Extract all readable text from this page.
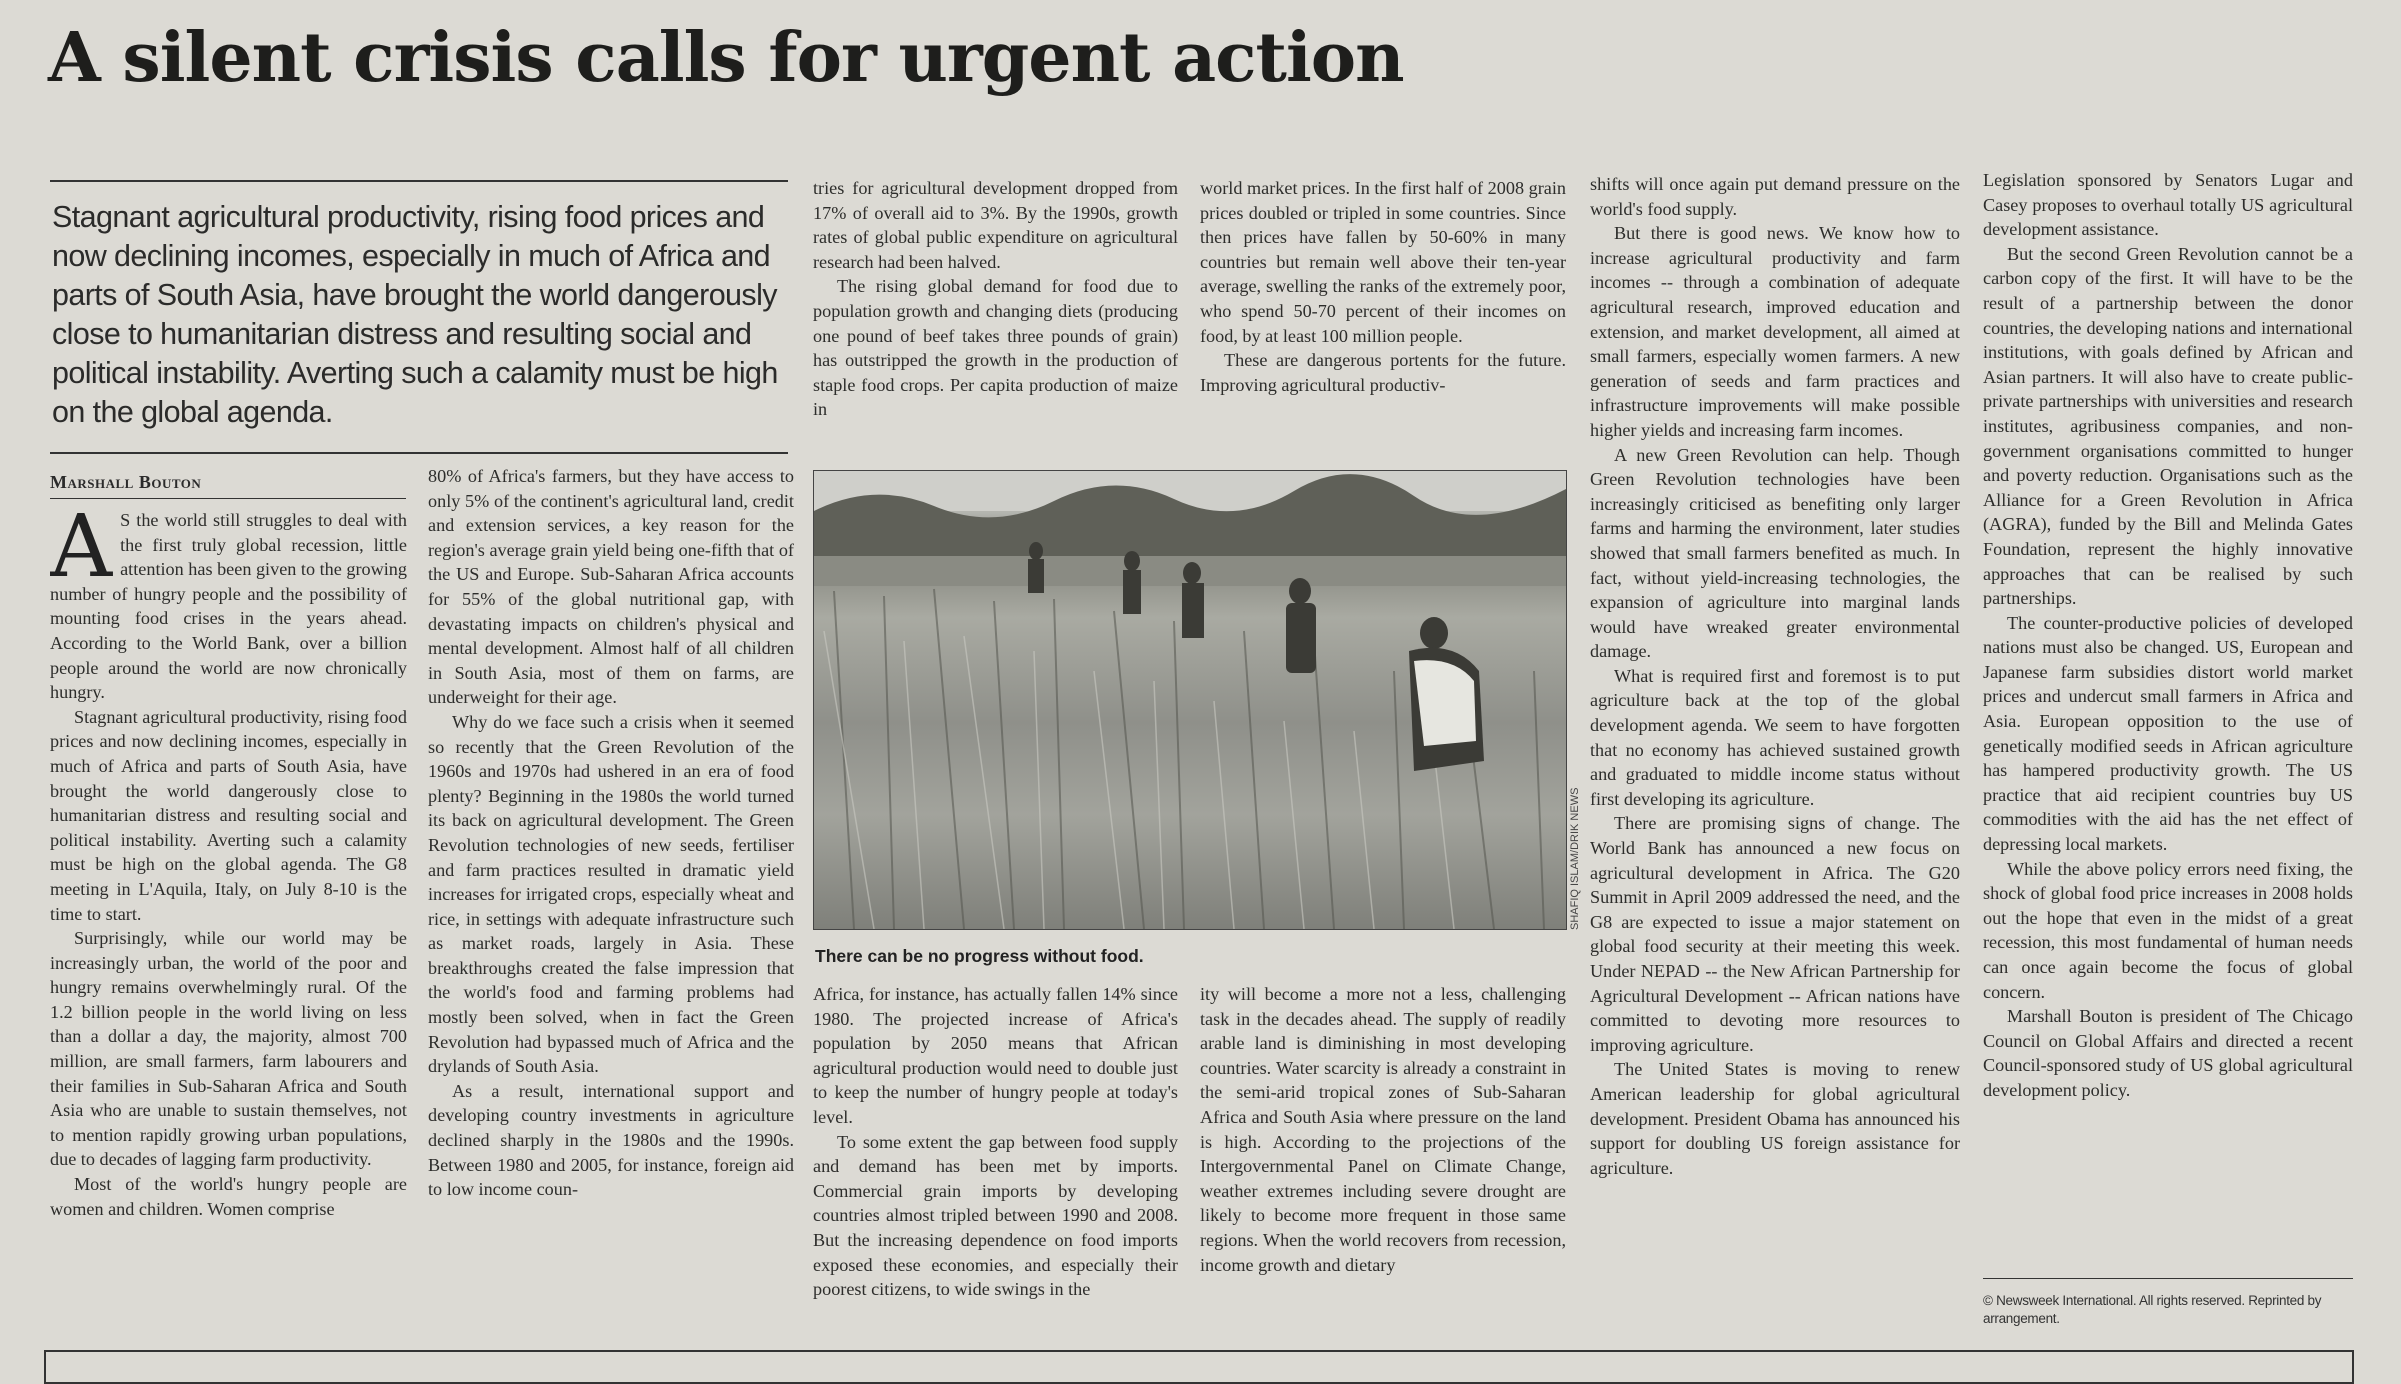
A silent crisis calls for urgent action
Stagnant agricultural productivity, rising food prices and now declining incomes, especially in much of Africa and parts of South Asia, have brought the world dangerously close to humanitarian distress and resulting social and political instability. Averting such a calamity must be high on the global agenda.
Marshall Bouton

A S the world still struggles to deal with the first truly global recession, little attention has been given to the growing number of hungry people and the possibility of mounting food crises in the years ahead. According to the World Bank, over a billion people around the world are now chronically hungry.

Stagnant agricultural productivity, rising food prices and now declining incomes, especially in much of Africa and parts of South Asia, have brought the world dangerously close to humanitarian distress and resulting social and political instability. Averting such a calamity must be high on the global agenda. The G8 meeting in L'Aquila, Italy, on July 8-10 is the time to start.

Surprisingly, while our world may be increasingly urban, the world of the poor and hungry remains overwhelmingly rural. Of the 1.2 billion people in the world living on less than a dollar a day, the majority, almost 700 million, are small farmers, farm labourers and their families in Sub-Saharan Africa and South Asia who are unable to sustain themselves, not to mention rapidly growing urban populations, due to decades of lagging farm productivity.

Most of the world's hungry people are women and children. Women comprise

80% of Africa's farmers, but they have access to only 5% of the continent's agricultural land, credit and extension services, a key reason for the region's average grain yield being one-fifth that of the US and Europe. Sub-Saharan Africa accounts for 55% of the global nutritional gap, with devastating impacts on children's physical and mental development. Almost half of all children in South Asia, most of them on farms, are underweight for their age.

Why do we face such a crisis when it seemed so recently that the Green Revolution of the 1960s and 1970s had ushered in an era of food plenty? Beginning in the 1980s the world turned its back on agricultural development. The Green Revolution technologies of new seeds, fertiliser and farm practices resulted in dramatic yield increases for irrigated crops, especially wheat and rice, in settings with adequate infrastructure such as market roads, largely in Asia. These breakthroughs created the false impression that the world's food and farming problems had mostly been solved, when in fact the Green Revolution had bypassed much of Africa and the drylands of South Asia.

As a result, international support and developing country investments in agriculture declined sharply in the 1980s and the 1990s. Between 1980 and 2005, for instance, foreign aid to low income coun-

tries for agricultural development dropped from 17% of overall aid to 3%. By the 1990s, growth rates of global public expenditure on agricultural research had been halved.

The rising global demand for food due to population growth and changing diets (producing one pound of beef takes three pounds of grain) has outstripped the growth in the production of staple food crops. Per capita production of maize in

world market prices. In the first half of 2008 grain prices doubled or tripled in some countries. Since then prices have fallen by 50-60% in many countries but remain well above their ten-year average, swelling the ranks of the extremely poor, who spend 50-70 percent of their incomes on food, by at least 100 million people.

These are dangerous portents for the future. Improving agricultural productiv-

SHAFIQ ISLAM/DRIK NEWS
There can be no progress without food.

Africa, for instance, has actually fallen 14% since 1980. The projected increase of Africa's population by 2050 means that African agricultural production would need to double just to keep the number of hungry people at today's level.

To some extent the gap between food supply and demand has been met by imports. Commercial grain imports by developing countries almost tripled between 1990 and 2008. But the increasing dependence on food imports exposed these economies, and especially their poorest citizens, to wide swings in the

ity will become a more not a less, challenging task in the decades ahead. The supply of readily arable land is diminishing in most developing countries. Water scarcity is already a constraint in the semi-arid tropical zones of Sub-Saharan Africa and South Asia where pressure on the land is high. According to the projections of the Intergovernmental Panel on Climate Change, weather extremes including severe drought are likely to become more frequent in those same regions. When the world recovers from recession, income growth and dietary

shifts will once again put demand pressure on the world's food supply.

But there is good news. We know how to increase agricultural productivity and farm incomes -- through a combination of adequate agricultural research, improved education and extension, and market development, all aimed at small farmers, especially women farmers. A new generation of seeds and farm practices and infrastructure improvements will make possible higher yields and increasing farm incomes.

A new Green Revolution can help. Though Green Revolution technologies have been increasingly criticised as benefiting only larger farms and harming the environment, later studies showed that small farmers benefited as much. In fact, without yield-increasing technologies, the expansion of agriculture into marginal lands would have wreaked greater environmental damage.

What is required first and foremost is to put agriculture back at the top of the global development agenda. We seem to have forgotten that no economy has achieved sustained growth and graduated to middle income status without first developing its agriculture.

There are promising signs of change. The World Bank has announced a new focus on agricultural development in Africa. The G20 Summit in April 2009 addressed the need, and the G8 are expected to issue a major statement on global food security at their meeting this week. Under NEPAD -- the New African Partnership for Agricultural Development -- African nations have committed to devoting more resources to improving agriculture.

The United States is moving to renew American leadership for global agricultural development. President Obama has announced his support for doubling US foreign assistance for agriculture.

Legislation sponsored by Senators Lugar and Casey proposes to overhaul totally US agricultural development assistance.

But the second Green Revolution cannot be a carbon copy of the first. It will have to be the result of a partnership between the donor countries, the developing nations and international institutions, with goals defined by African and Asian partners. It will also have to create public-private partnerships with universities and research institutes, agribusiness companies, and non-government organisations committed to hunger and poverty reduction. Organisations such as the Alliance for a Green Revolution in Africa (AGRA), funded by the Bill and Melinda Gates Foundation, represent the highly innovative approaches that can be realised by such partnerships.

The counter-productive policies of developed nations must also be changed. US, European and Japanese farm subsidies distort world market prices and undercut small farmers in Africa and Asia. European opposition to the use of genetically modified seeds in African agriculture has hampered productivity growth. The US practice that aid recipient countries buy US commodities with the aid has the net effect of depressing local markets.

While the above policy errors need fixing, the shock of global food price increases in 2008 holds out the hope that even in the midst of a great recession, this most fundamental of human needs can once again become the focus of global concern.

Marshall Bouton is president of The Chicago Council on Global Affairs and directed a recent Council-sponsored study of US global agricultural development policy.

© Newsweek International. All rights reserved. Reprinted by arrangement.
